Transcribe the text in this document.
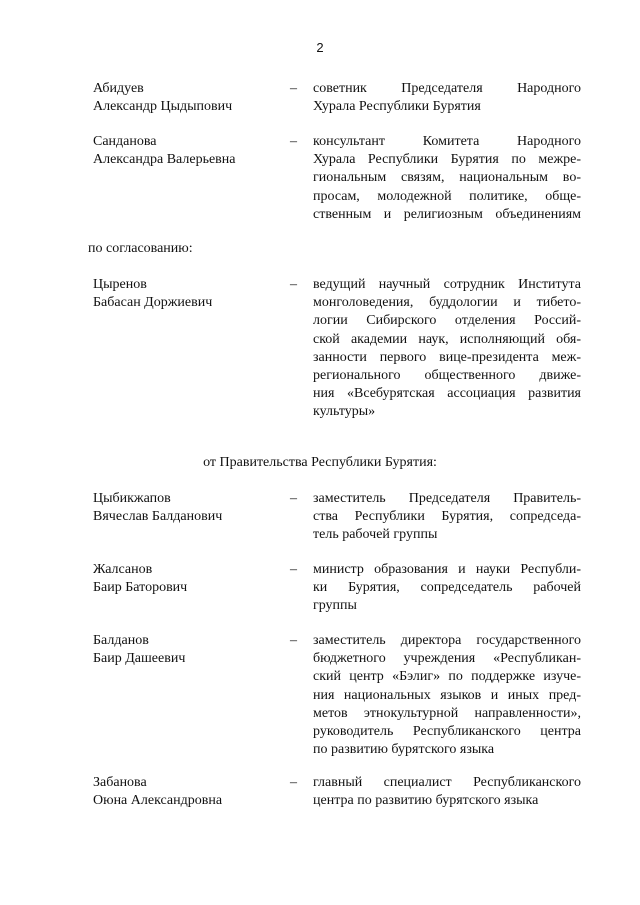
2
Абидуев
Александр Цыдыпович
– советник Председателя Народного
Хурала Республики Бурятия
Санданова
Александра Валерьевна
– консультант Комитета Народного
Хурала Республики Бурятия по межре-
гиональным связям, национальным во-
просам, молодежной политике, обще-
ственным и религиозным объединениям
по согласованию:
Цыренов
Бабасан Доржиевич
– ведущий научный сотрудник Института
монголоведения, буддологии и тибето-
логии Сибирского отделения Россий-
ской академии наук, исполняющий обя-
занности первого вице-президента меж-
регионального общественного движе-
ния «Всебурятская ассоциация развития
культуры»
от Правительства Республики Бурятия:
Цыбикжапов
Вячеслав Балданович
– заместитель Председателя Правитель-
ства Республики Бурятия, сопредседа-
тель рабочей группы
Жалсанов
Баир Баторович
– министр образования и науки Республи-
ки Бурятия, сопредседатель рабочей
группы
Балданов
Баир Дашеевич
– заместитель директора государственного
бюджетного учреждения «Республикан-
ский центр «Бэлиг» по поддержке изуче-
ния национальных языков и иных пред-
метов этнокультурной направленности»,
руководитель Республиканского центра
по развитию бурятского языка
Забанова
Оюна Александровна
– главный специалист Республиканского
центра по развитию бурятского языка
